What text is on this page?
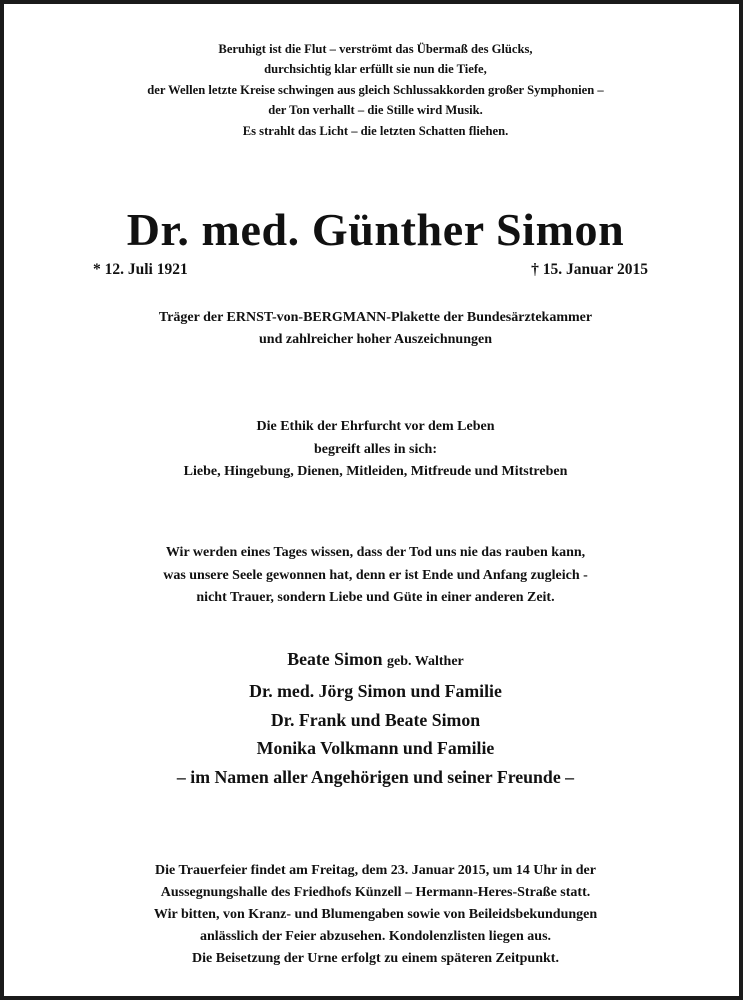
Beruhigt ist die Flut – verströmt das Übermaß des Glücks,
durchsichtig klar erfüllt sie nun die Tiefe,
der Wellen letzte Kreise schwingen aus gleich Schlussakkorden großer Symphonien –
der Ton verhallt – die Stille wird Musik.
Es strahlt das Licht – die letzten Schatten fliehen.
Dr. med. Günther Simon
* 12. Juli 1921	† 15. Januar 2015
Träger der ERNST-von-BERGMANN-Plakette der Bundesärztekammer
und zahlreicher hoher Auszeichnungen
Die Ethik der Ehrfurcht vor dem Leben
begreift alles in sich:
Liebe, Hingebung, Dienen, Mitleiden, Mitfreude und Mitstreben
Wir werden eines Tages wissen, dass der Tod uns nie das rauben kann,
was unsere Seele gewonnen hat, denn er ist Ende und Anfang zugleich -
nicht Trauer, sondern Liebe und Güte in einer anderen Zeit.
Beate Simon geb. Walther
Dr. med. Jörg Simon und Familie
Dr. Frank und Beate Simon
Monika Volkmann und Familie
– im Namen aller Angehörigen und seiner Freunde –
Die Trauerfeier findet am Freitag, dem 23. Januar 2015, um 14 Uhr in der
Aussegnungshalle des Friedhofs Künzell – Hermann-Heres-Straße statt.
Wir bitten, von Kranz- und Blumengaben sowie von Beileidsbekundungen
anlässlich der Feier abzusehen. Kondolenzlisten liegen aus.
Die Beisetzung der Urne erfolgt zu einem späteren Zeitpunkt.
